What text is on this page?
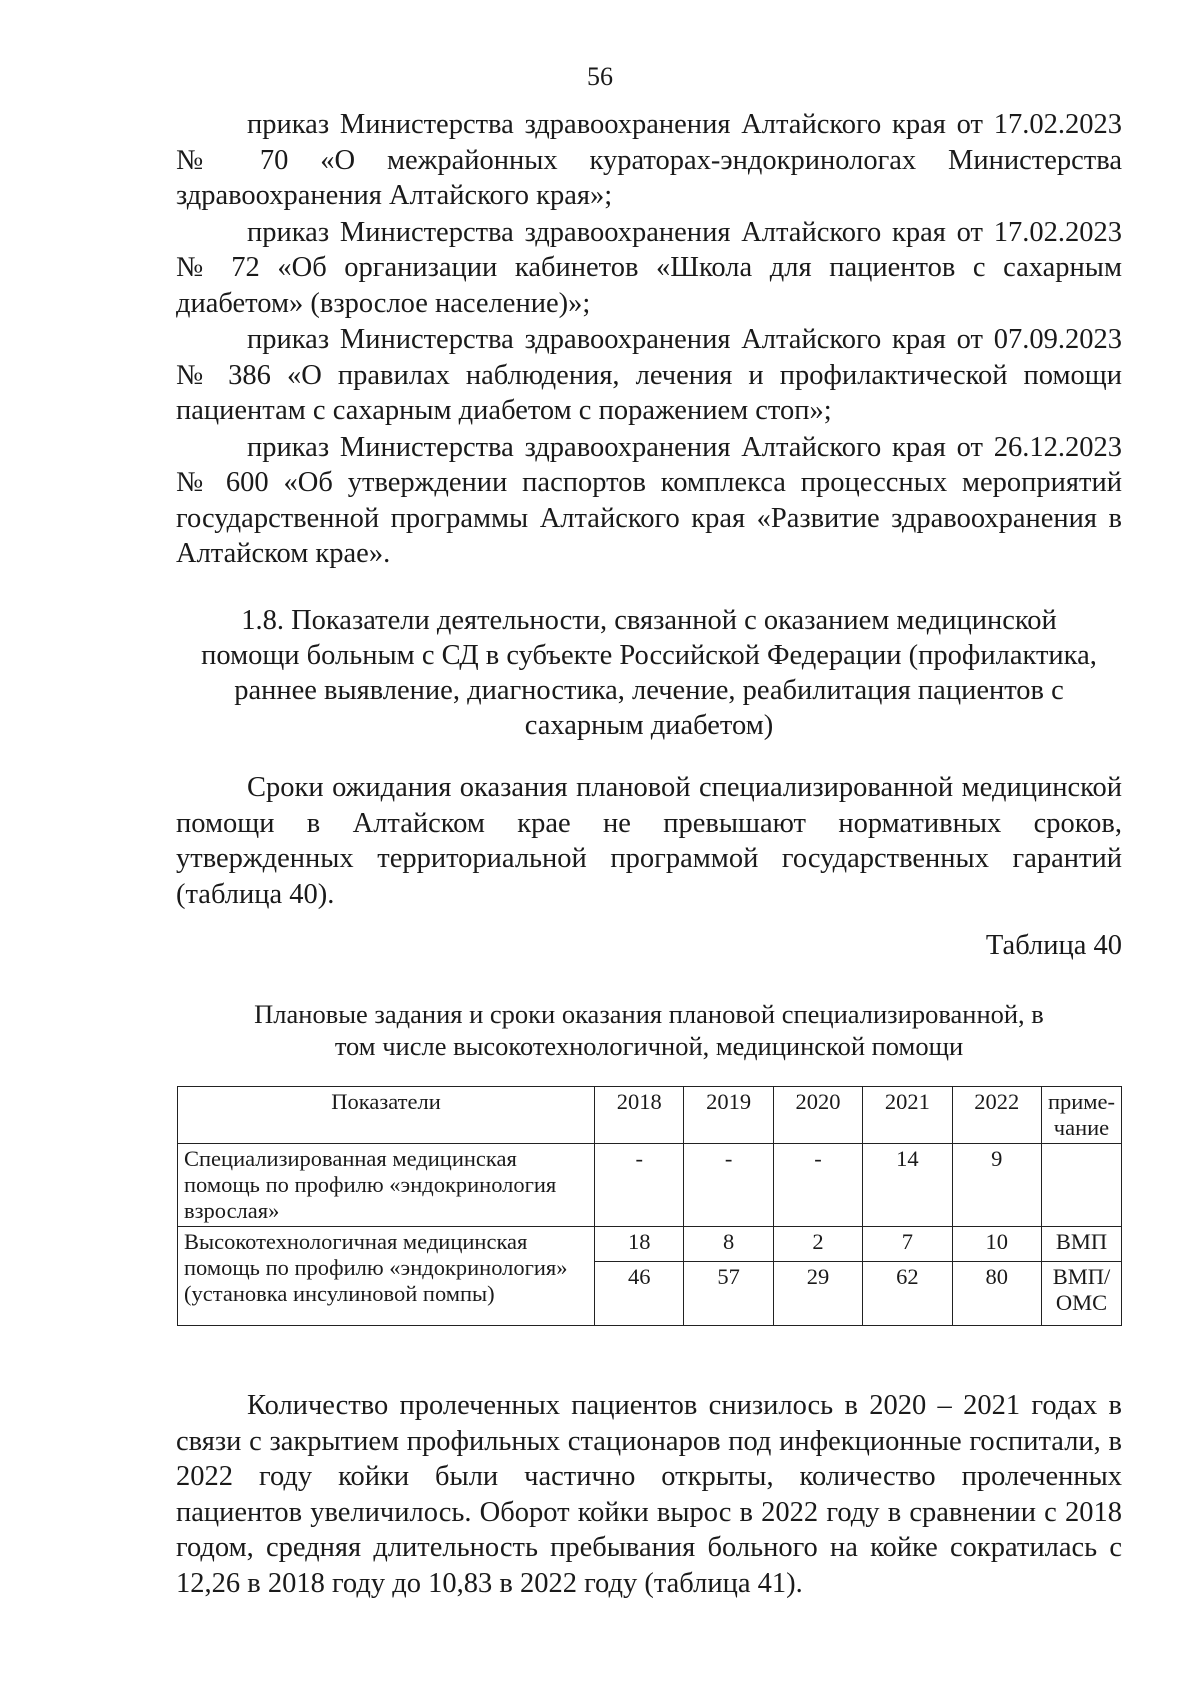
56

приказ Министерства здравоохранения Алтайского края от 17.02.2023 № 70 «О межрайонных кураторах-эндокринологах Министерства здравоохранения Алтайского края»;

приказ Министерства здравоохранения Алтайского края от 17.02.2023 № 72 «Об организации кабинетов «Школа для пациентов с сахарным диабетом» (взрослое население)»;

приказ Министерства здравоохранения Алтайского края от 07.09.2023 № 386 «О правилах наблюдения, лечения и профилактической помощи пациентам с сахарным диабетом с поражением стоп»;

приказ Министерства здравоохранения Алтайского края от 26.12.2023 № 600 «Об утверждении паспортов комплекса процессных мероприятий государственной программы Алтайского края «Развитие здравоохранения в Алтайском крае».

1.8. Показатели деятельности, связанной с оказанием медицинской
помощи больным с СД в субъекте Российской Федерации (профилактика,
раннее выявление, диагностика, лечение, реабилитация пациентов с
сахарным диабетом)

Сроки ожидания оказания плановой специализированной медицинской помощи в Алтайском крае не превышают нормативных сроков, утвержденных территориальной программой государственных гарантий (таблица 40).

Таблица 40
Плановые задания и сроки оказания плановой специализированной, в
том числе высокотехнологичной, медицинской помощи
Показатели	2018	2019	2020	2021	2022	приме-чание
Специализированная медицинская помощь по профилю «эндокринология взрослая»	-	-	-	14	9	
Высокотехнологичная медицинская помощь по профилю «эндокринология» (установка инсулиновой помпы)	18	8	2	7	10	ВМП
	46	57	29	62	80	ВМП/ ОМС

Количество пролеченных пациентов снизилось в 2020 – 2021 годах в связи с закрытием профильных стационаров под инфекционные госпитали, в 2022 году койки были частично открыты, количество пролеченных пациентов увеличилось. Оборот койки вырос в 2022 году в сравнении с 2018 годом, средняя длительность пребывания больного на койке сократилась с 12,26 в 2018 году до 10,83 в 2022 году (таблица 41).
